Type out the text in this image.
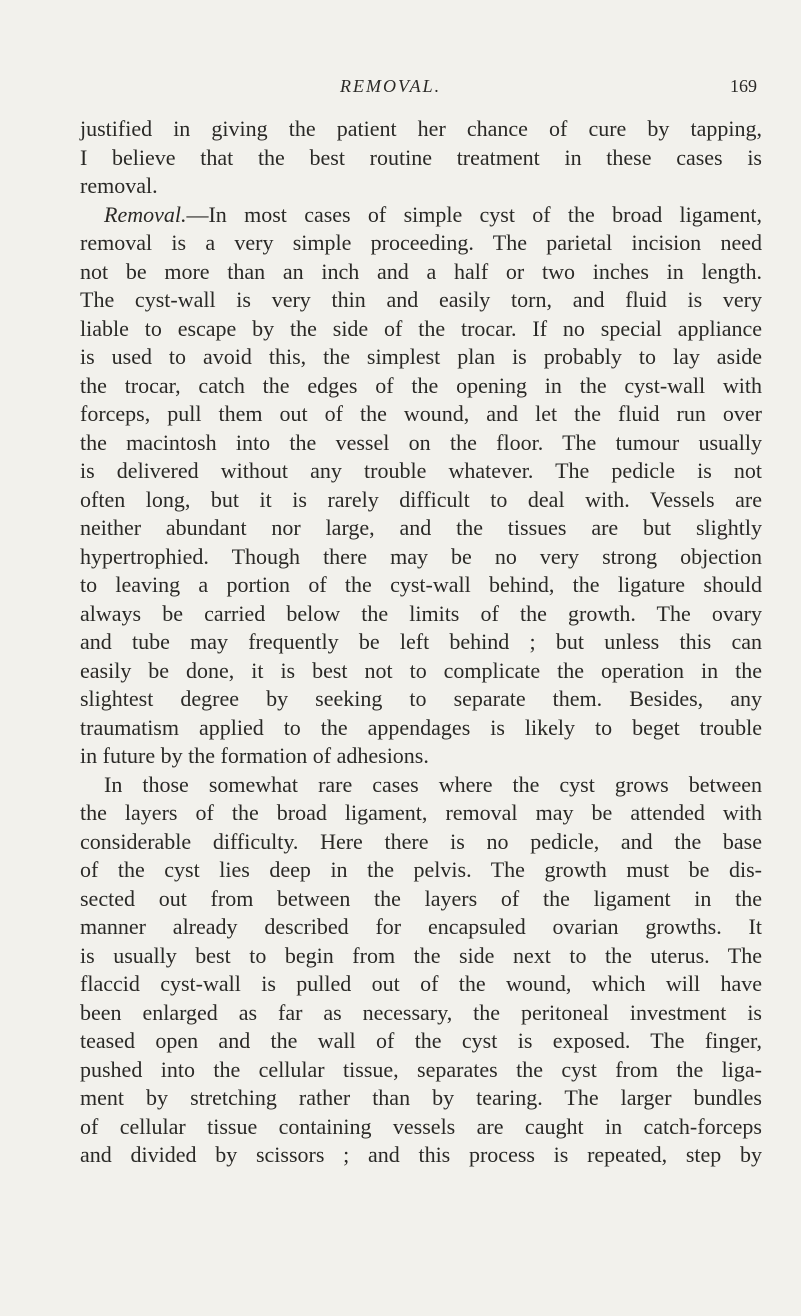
REMOVAL.	169
justified in giving the patient her chance of cure by tapping,
I believe that the best routine treatment in these cases is
removal.
Removal.—In most cases of simple cyst of the broad ligament,
removal is a very simple proceeding. The parietal incision need
not be more than an inch and a half or two inches in length.
The cyst-wall is very thin and easily torn, and fluid is very
liable to escape by the side of the trocar. If no special appliance
is used to avoid this, the simplest plan is probably to lay aside
the trocar, catch the edges of the opening in the cyst-wall with
forceps, pull them out of the wound, and let the fluid run over
the macintosh into the vessel on the floor. The tumour usually
is delivered without any trouble whatever. The pedicle is not
often long, but it is rarely difficult to deal with. Vessels are
neither abundant nor large, and the tissues are but slightly
hypertrophied. Though there may be no very strong objection
to leaving a portion of the cyst-wall behind, the ligature should
always be carried below the limits of the growth. The ovary
and tube may frequently be left behind ; but unless this can
easily be done, it is best not to complicate the operation in the
slightest degree by seeking to separate them. Besides, any
traumatism applied to the appendages is likely to beget trouble
in future by the formation of adhesions.
In those somewhat rare cases where the cyst grows between
the layers of the broad ligament, removal may be attended with
considerable difficulty. Here there is no pedicle, and the base
of the cyst lies deep in the pelvis. The growth must be dis-
sected out from between the layers of the ligament in the
manner already described for encapsuled ovarian growths. It
is usually best to begin from the side next to the uterus. The
flaccid cyst-wall is pulled out of the wound, which will have
been enlarged as far as necessary, the peritoneal investment is
teased open and the wall of the cyst is exposed. The finger,
pushed into the cellular tissue, separates the cyst from the liga-
ment by stretching rather than by tearing. The larger bundles
of cellular tissue containing vessels are caught in catch-forceps
and divided by scissors ; and this process is repeated, step by
